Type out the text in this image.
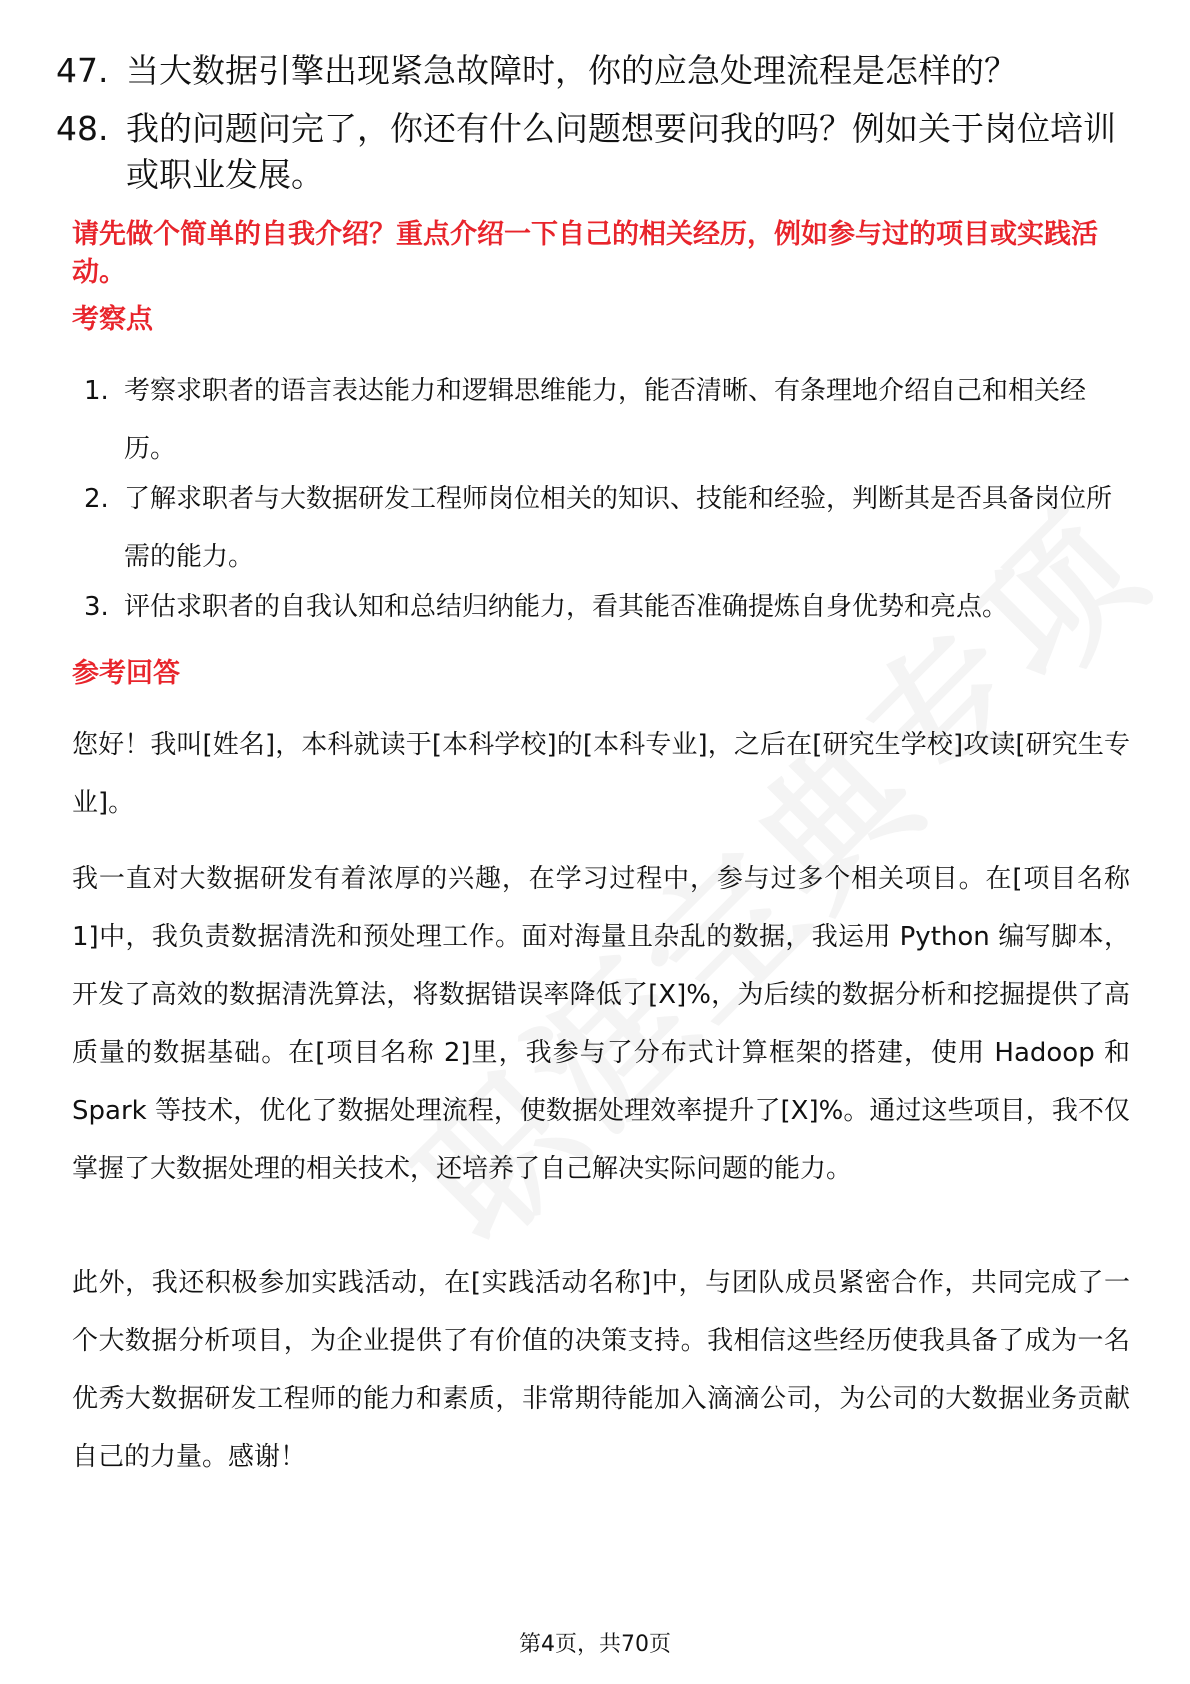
47. 当大数据引擎出现紧急故障时，你的应急处理流程是怎样的？
48. 我的问题问完了，你还有什么问题想要问我的吗？例如关于岗位培训或职业发展。
请先做个简单的自我介绍？重点介绍一下自己的相关经历，例如参与过的项目或实践活动。
考察点
1. 考察求职者的语言表达能力和逻辑思维能力，能否清晰、有条理地介绍自己和相关经历。
2. 了解求职者与大数据研发工程师岗位相关的知识、技能和经验，判断其是否具备岗位所需的能力。
3. 评估求职者的自我认知和总结归纳能力，看其能否准确提炼自身优势和亮点。
参考回答
您好！我叫[姓名]，本科就读于[本科学校]的[本科专业]，之后在[研究生学校]攻读[研究生专业]。
我一直对大数据研发有着浓厚的兴趣，在学习过程中，参与过多个相关项目。在[项目名称 1]中，我负责数据清洗和预处理工作。面对海量且杂乱的数据，我运用 Python 编写脚本，开发了高效的数据清洗算法，将数据错误率降低了[X]%，为后续的数据分析和挖掘提供了高质量的数据基础。在[项目名称 2]里，我参与了分布式计算框架的搭建，使用 Hadoop 和 Spark 等技术，优化了数据处理流程，使数据处理效率提升了[X]%。通过这些项目，我不仅掌握了大数据处理的相关技术，还培养了自己解决实际问题的能力。
此外，我还积极参加实践活动，在[实践活动名称]中，与团队成员紧密合作，共同完成了一个大数据分析项目，为企业提供了有价值的决策支持。我相信这些经历使我具备了成为一名优秀大数据研发工程师的能力和素质，非常期待能加入滴滴公司，为公司的大数据业务贡献自己的力量。感谢！
第4页，共70页
